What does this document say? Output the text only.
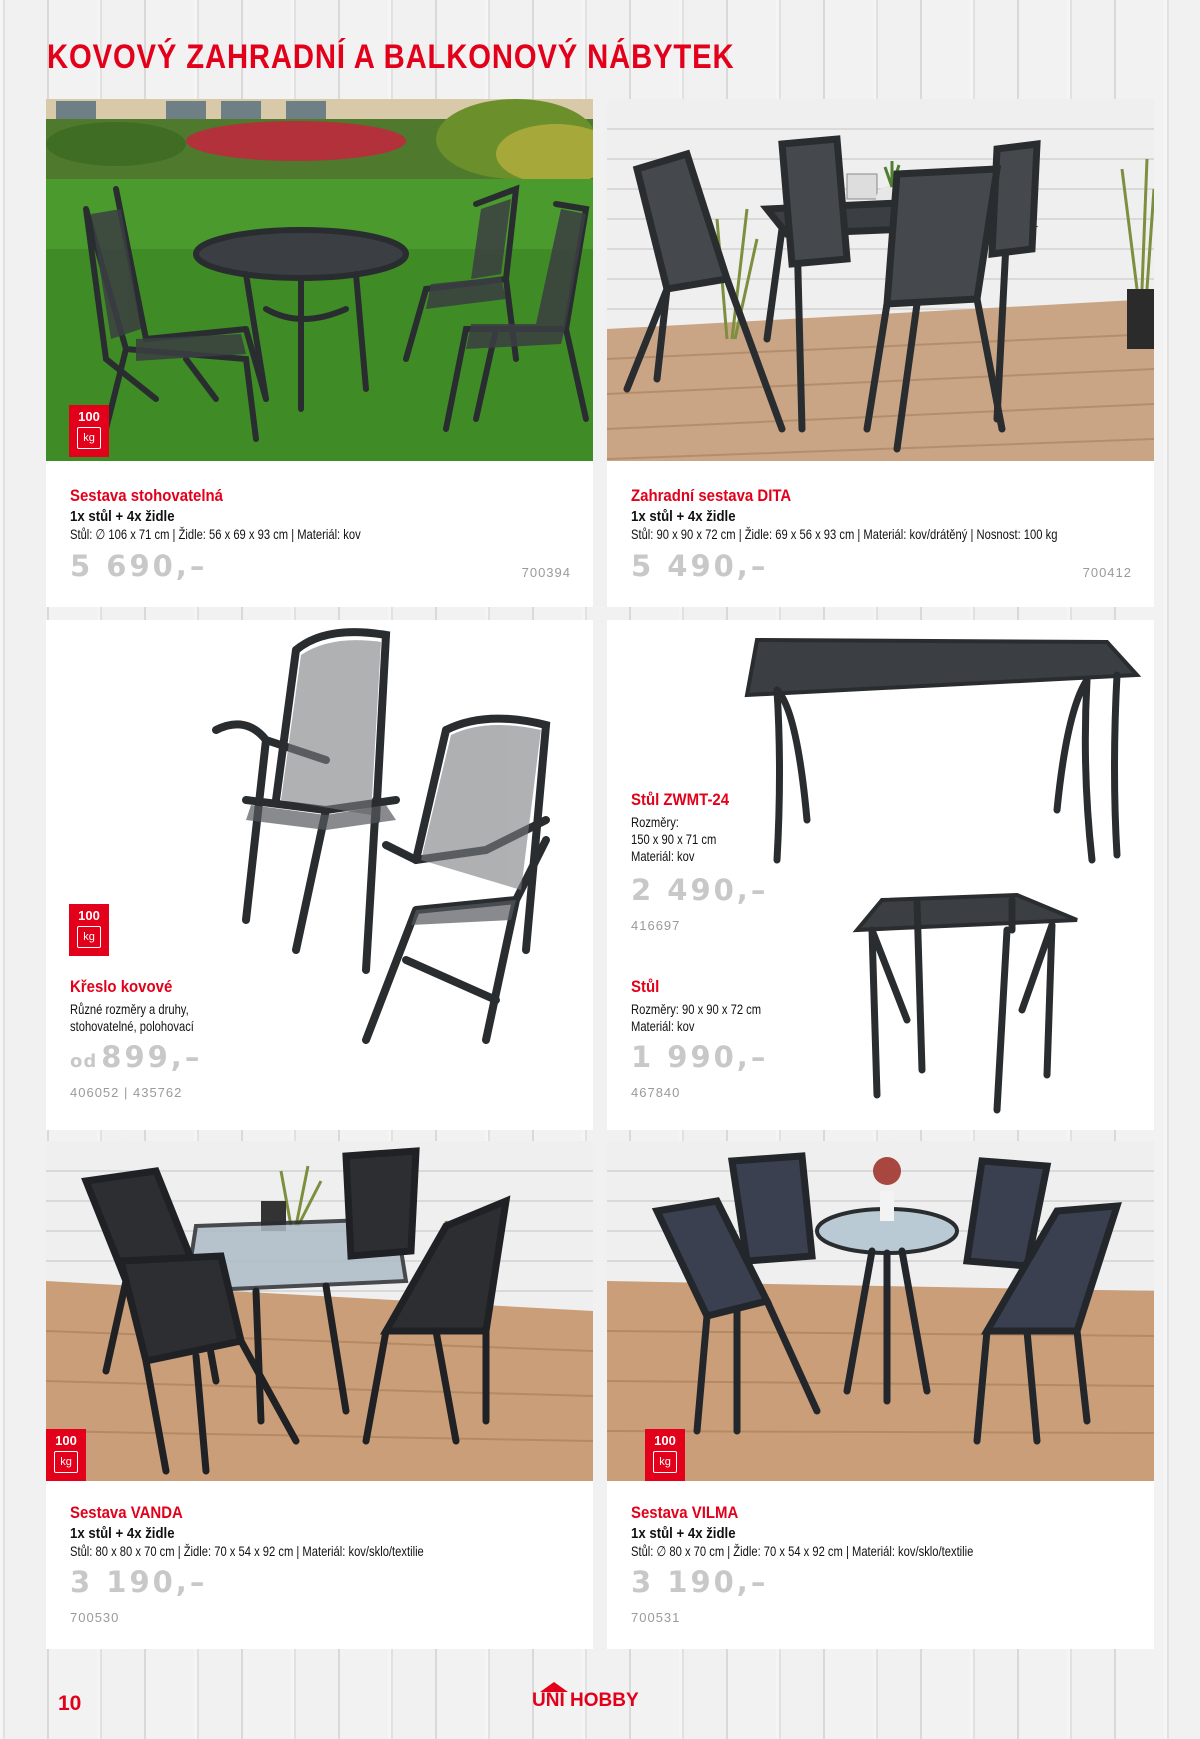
KOVOVÝ ZAHRADNÍ A BALKONOVÝ NÁBYTEK
100
kg

Sestava stohovatelná

1x stůl + 4x židle

Stůl: ∅ 106 x 71 cm | Židle: 56 x 69 x 93 cm | Materiál: kov

5 690,–	700394

Zahradní sestava DITA

1x stůl + 4x židle

Stůl: 90 x 90 x 72 cm | Židle: 69 x 56 x 93 cm | Materiál: kov/drátěný | Nosnost: 100 kg

5 490,–	700412
100
kg

Křeslo kovové

Různé rozměry a druhy,

stohovatelné, polohovací

od 899,–
406052 | 435762

Stůl ZWMT-24

Rozměry:

150 x 90 x 71 cm

Materiál: kov

2 490,–
416697

Stůl

Rozměry: 90 x 90 x 72 cm

Materiál: kov

1 990,–
467840
100
kg

Sestava VANDA

1x stůl + 4x židle

Stůl: 80 x 80 x 70 cm | Židle: 70 x 54 x 92 cm | Materiál: kov/sklo/textilie

3 190,–
700530
100
kg

Sestava VILMA

1x stůl + 4x židle

Stůl: ∅ 80 x 70 cm | Židle: 70 x 54 x 92 cm | Materiál: kov/sklo/textilie

3 190,–
700531

10	UNI HOBBY
